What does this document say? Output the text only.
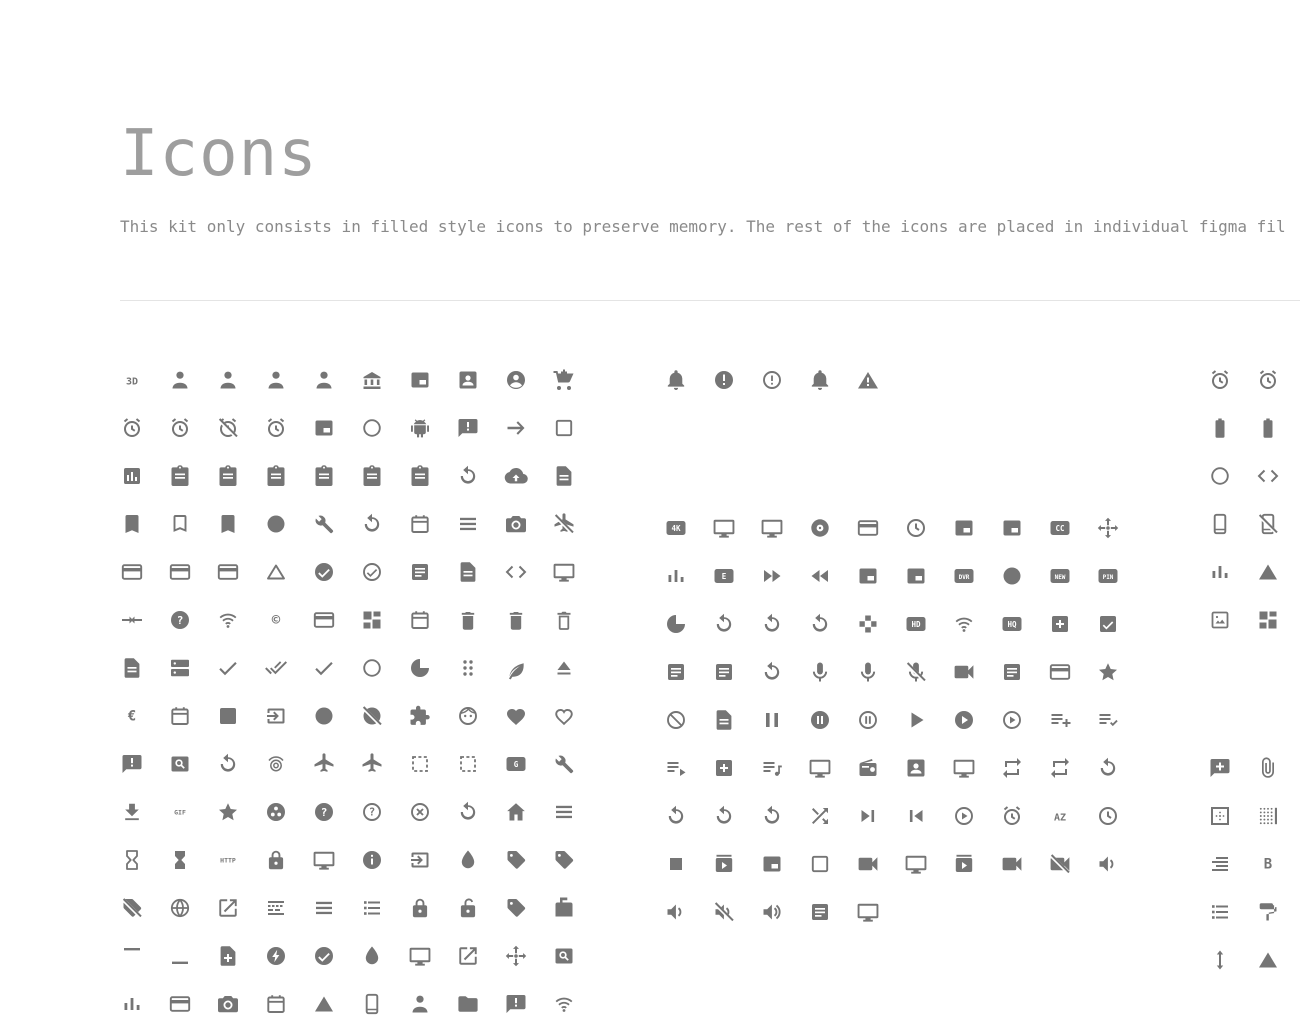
Icons

This kit only consists in filled style icons to preserve memory. The rest of the icons are placed in individual figma fil

3D
©
€
G
GIF
HTTP
4K	CC
E	DVR	NEW	PIN
HD	HQ
AZ
B
